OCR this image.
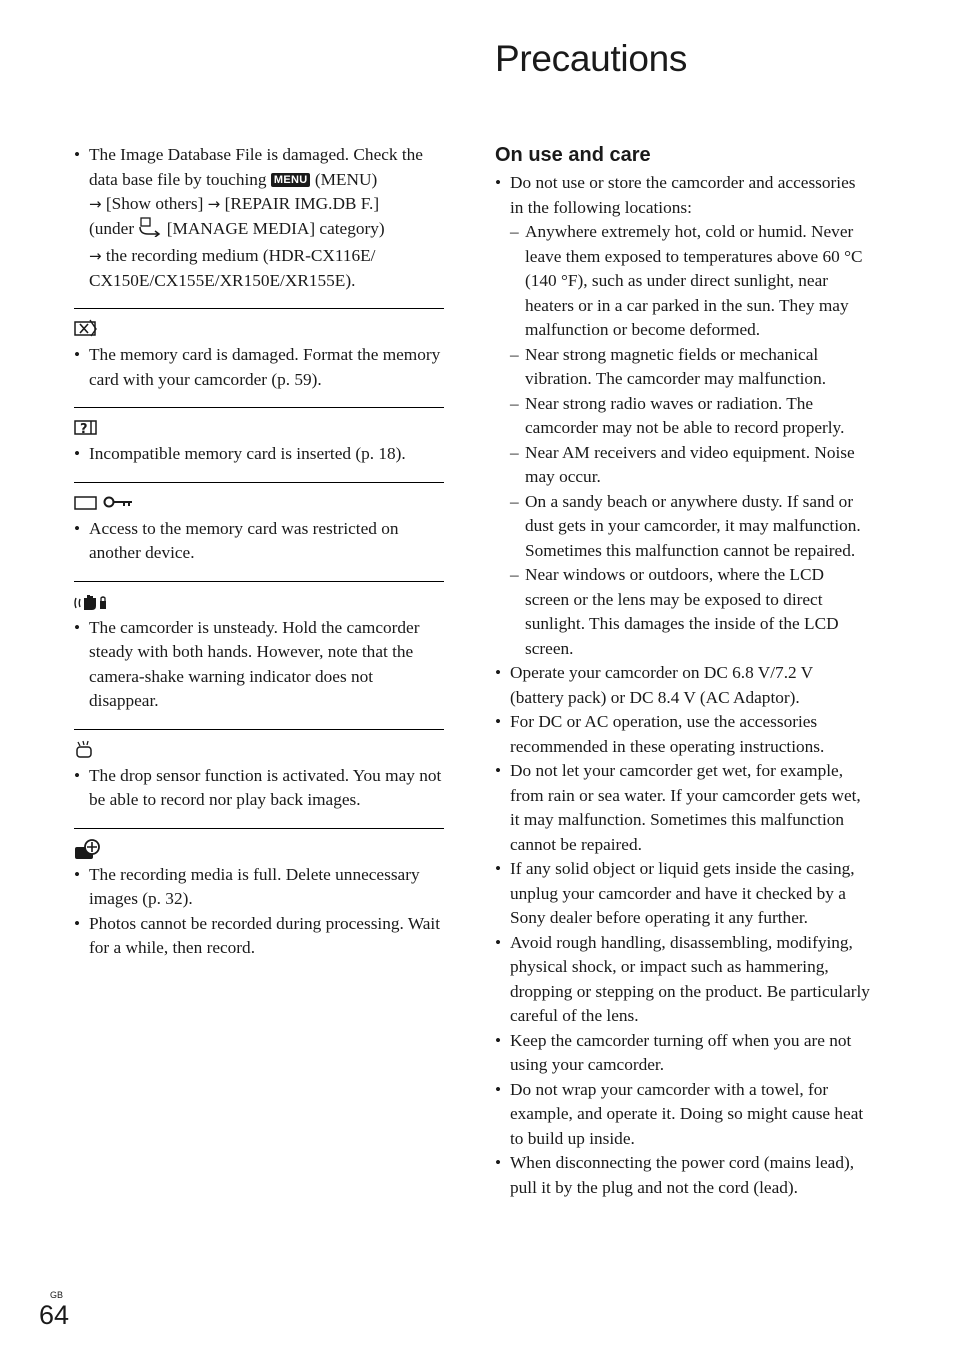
Precautions
• The Image Database File is damaged. Check the data base file by touching MENU (MENU)
→ [Show others] → [REPAIR IMG.DB F.]
(under [MANAGE MEDIA] category)
→ the recording medium (HDR-CX116E/ CX150E/CX155E/XR150E/XR155E).
• The memory card is damaged. Format the memory card with your camcorder (p. 59).
?
• Incompatible memory card is inserted (p. 18).
• Access to the memory card was restricted on another device.
• The camcorder is unsteady. Hold the camcorder steady with both hands. However, note that the camera-shake warning indicator does not disappear.
• The drop sensor function is activated. You may not be able to record nor play back images.
• The recording media is full. Delete unnecessary images (p. 32).
• Photos cannot be recorded during processing. Wait for a while, then record.
On use and care
• Do not use or store the camcorder and accessories in the following locations:
– Anywhere extremely hot, cold or humid. Never leave them exposed to temperatures above 60 °C (140 °F), such as under direct sunlight, near heaters or in a car parked in the sun. They may malfunction or become deformed.
– Near strong magnetic fields or mechanical vibration. The camcorder may malfunction.
– Near strong radio waves or radiation. The camcorder may not be able to record properly.
– Near AM receivers and video equipment. Noise may occur.
– On a sandy beach or anywhere dusty. If sand or dust gets in your camcorder, it may malfunction. Sometimes this malfunction cannot be repaired.
– Near windows or outdoors, where the LCD screen or the lens may be exposed to direct sunlight. This damages the inside of the LCD screen.
• Operate your camcorder on DC 6.8 V/7.2 V (battery pack) or DC 8.4 V (AC Adaptor).
• For DC or AC operation, use the accessories recommended in these operating instructions.
• Do not let your camcorder get wet, for example, from rain or sea water. If your camcorder gets wet, it may malfunction. Sometimes this malfunction cannot be repaired.
• If any solid object or liquid gets inside the casing, unplug your camcorder and have it checked by a Sony dealer before operating it any further.
• Avoid rough handling, disassembling, modifying, physical shock, or impact such as hammering, dropping or stepping on the product. Be particularly careful of the lens.
• Keep the camcorder turning off when you are not using your camcorder.
• Do not wrap your camcorder with a towel, for example, and operate it. Doing so might cause heat to build up inside.
• When disconnecting the power cord (mains lead), pull it by the plug and not the cord (lead).
GB
64
